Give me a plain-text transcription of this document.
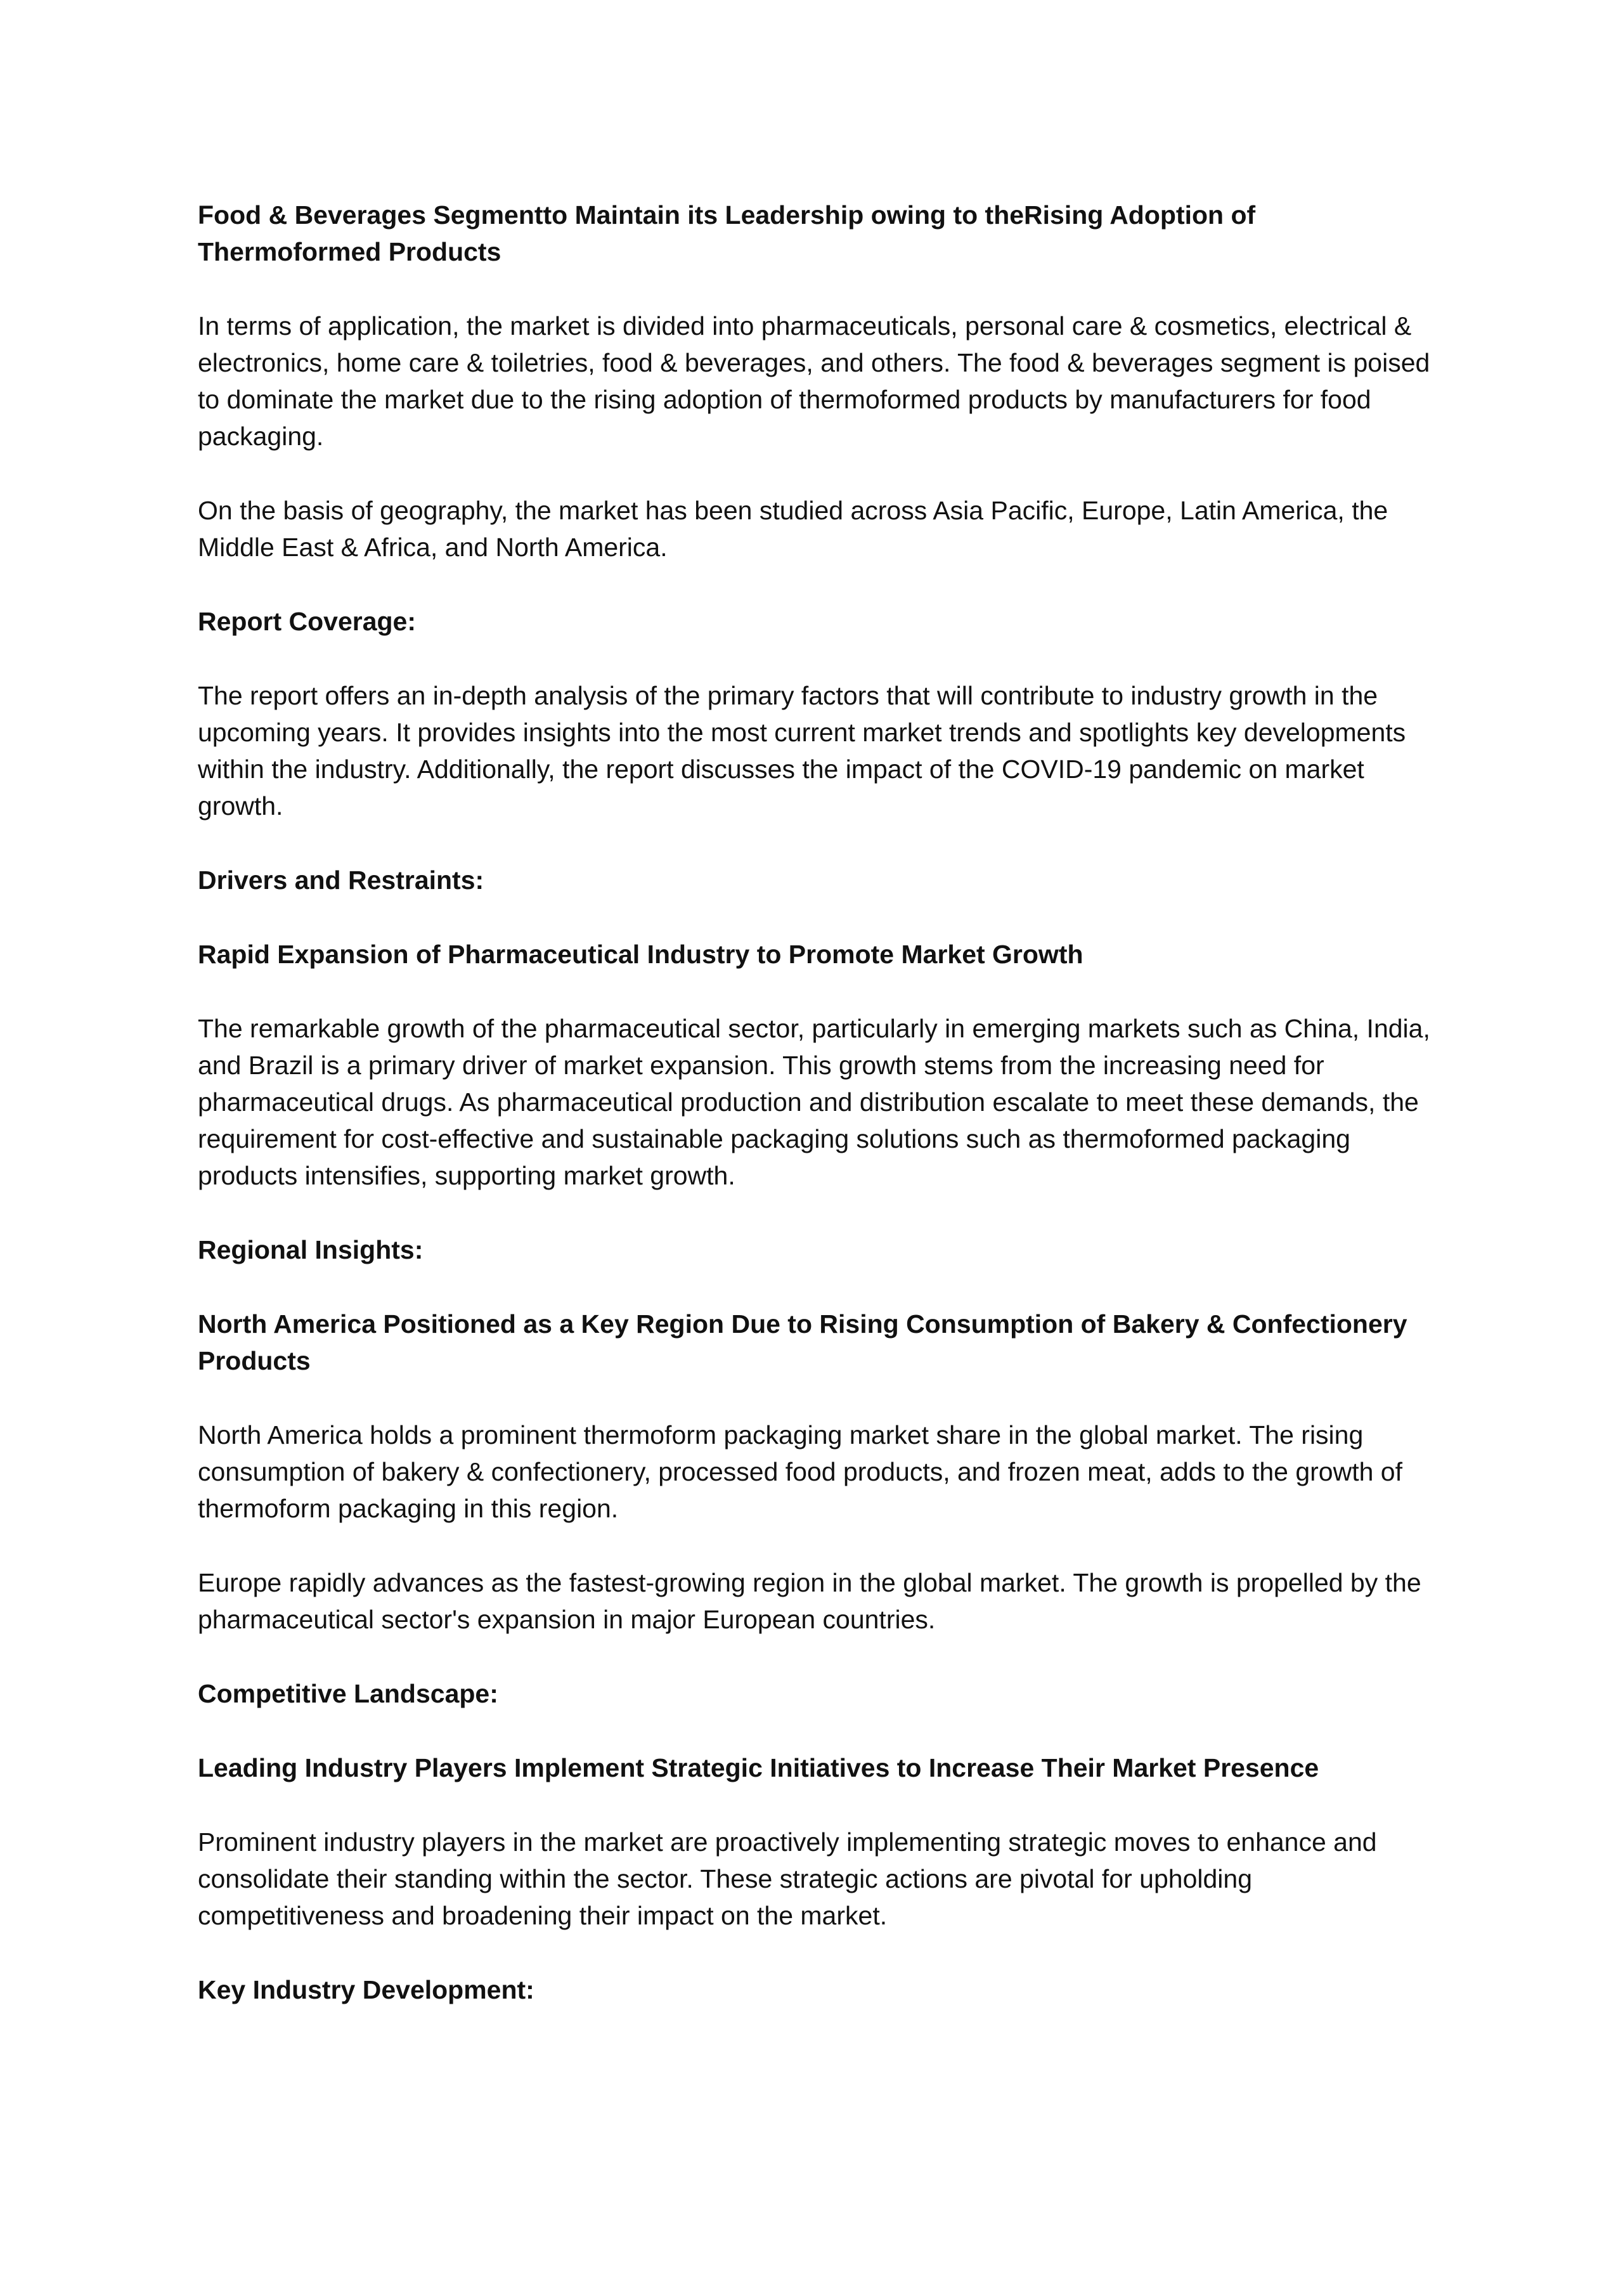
Food & Beverages Segmentto Maintain its Leadership owing to theRising Adoption of Thermoformed Products

In terms of application, the market is divided into pharmaceuticals, personal care & cosmetics, electrical & electronics, home care & toiletries, food & beverages, and others. The food & beverages segment is poised to dominate the market due to the rising adoption of thermoformed products by manufacturers for food packaging.

On the basis of geography, the market has been studied across Asia Pacific, Europe, Latin America, the Middle East & Africa, and North America.

Report Coverage:

The report offers an in-depth analysis of the primary factors that will contribute to industry growth in the upcoming years. It provides insights into the most current market trends and spotlights key developments within the industry. Additionally, the report discusses the impact of the COVID-19 pandemic on market growth.

Drivers and Restraints:

Rapid Expansion of Pharmaceutical Industry to Promote Market Growth

The remarkable growth of the pharmaceutical sector, particularly in emerging markets such as China, India, and Brazil is a primary driver of market expansion. This growth stems from the increasing need for pharmaceutical drugs. As pharmaceutical production and distribution escalate to meet these demands, the requirement for cost-effective and sustainable packaging solutions such as thermoformed packaging products intensifies, supporting market growth.

Regional Insights:

North America Positioned as a Key Region Due to Rising Consumption of Bakery & Confectionery Products

North America holds a prominent thermoform packaging market share in the global market. The rising consumption of bakery & confectionery, processed food products, and frozen meat, adds to the growth of thermoform packaging in this region.

Europe rapidly advances as the fastest-growing region in the global market. The growth is propelled by the pharmaceutical sector's expansion in major European countries.

Competitive Landscape:

Leading Industry Players Implement Strategic Initiatives to Increase Their Market Presence

Prominent industry players in the market are proactively implementing strategic moves to enhance and consolidate their standing within the sector. These strategic actions are pivotal for upholding competitiveness and broadening their impact on the market.

Key Industry Development:
